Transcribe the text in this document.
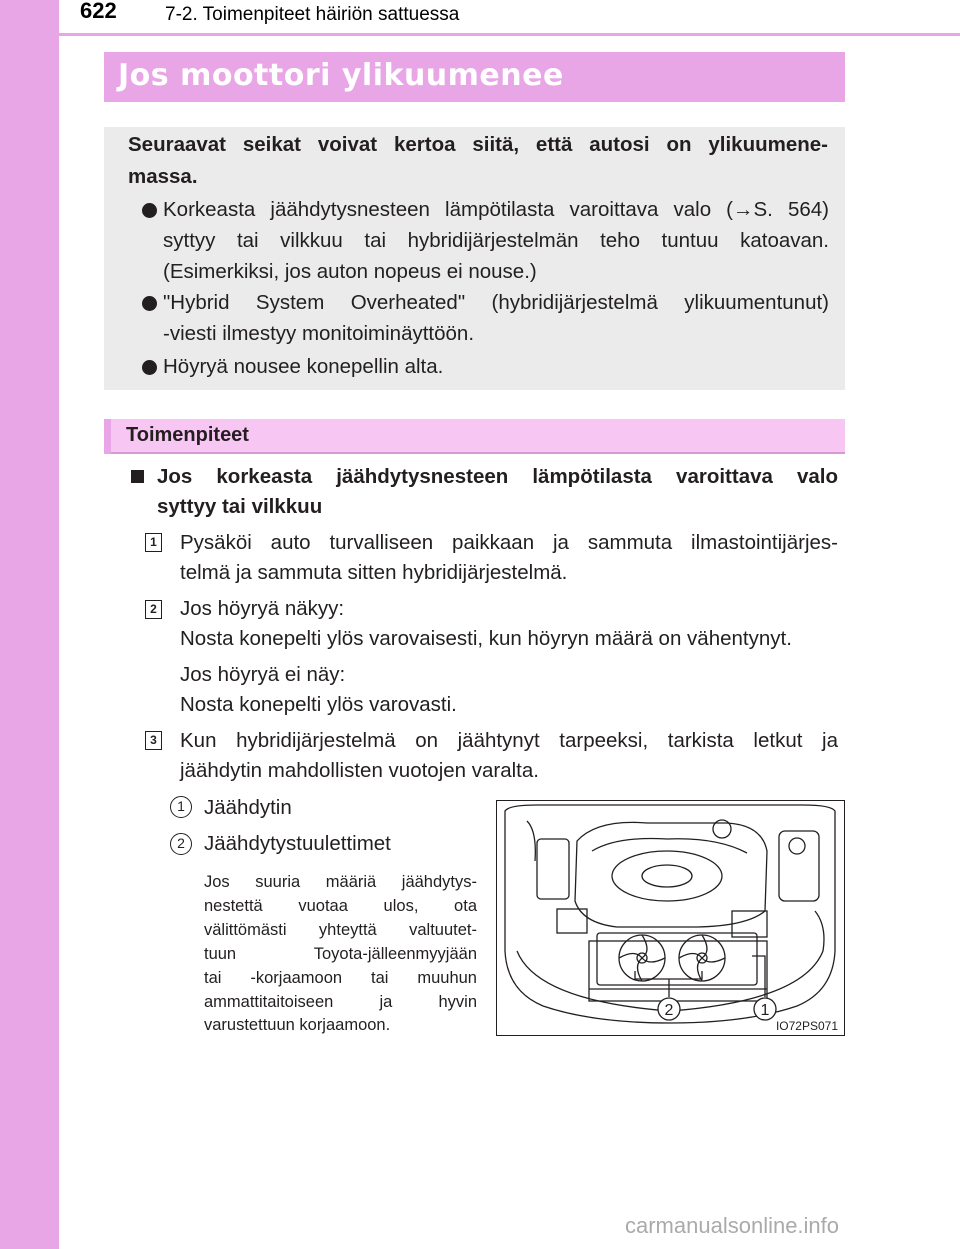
622	7-2. Toimenpiteet häiriön sattuessa
Jos moottori ylikuumenee
Seuraavat seikat voivat kertoa siitä, että autosi on ylikuumene-
massa.
Korkeasta jäähdytysnesteen lämpötilasta varoittava valo (→S. 564)
syttyy tai vilkkuu tai hybridijärjestelmän teho tuntuu katoavan.
(Esimerkiksi, jos auton nopeus ei nouse.)
"Hybrid System Overheated" (hybridijärjestelmä ylikuumentunut)
-viesti ilmestyy monitoiminäyttöön.
Höyryä nousee konepellin alta.
Toimenpiteet
Jos korkeasta jäähdytysnesteen lämpötilasta varoittava valo
syttyy tai vilkkuu
1 Pysäköi auto turvalliseen paikkaan ja sammuta ilmastointijärjes-
telmä ja sammuta sitten hybridijärjestelmä.
2 Jos höyryä näkyy:
Nosta konepelti ylös varovaisesti, kun höyryn määrä on vähentynyt.
Jos höyryä ei näy:
Nosta konepelti ylös varovasti.
3 Kun hybridijärjestelmä on jäähtynyt tarpeeksi, tarkista letkut ja
jäähdytin mahdollisten vuotojen varalta.
1 Jäähdytin
2 Jäähdytystuulettimet
Jos suuria määriä jäähdytys-
nestettä vuotaa ulos, ota
välittömästi yhteyttä valtuutet-
tuun Toyota-jälleenmyyjään
tai -korjaamoon tai muuhun
ammattitaitoiseen ja hyvin
varustettuun korjaamoon.
2	1
IO72PS071
carmanualsonline.info
